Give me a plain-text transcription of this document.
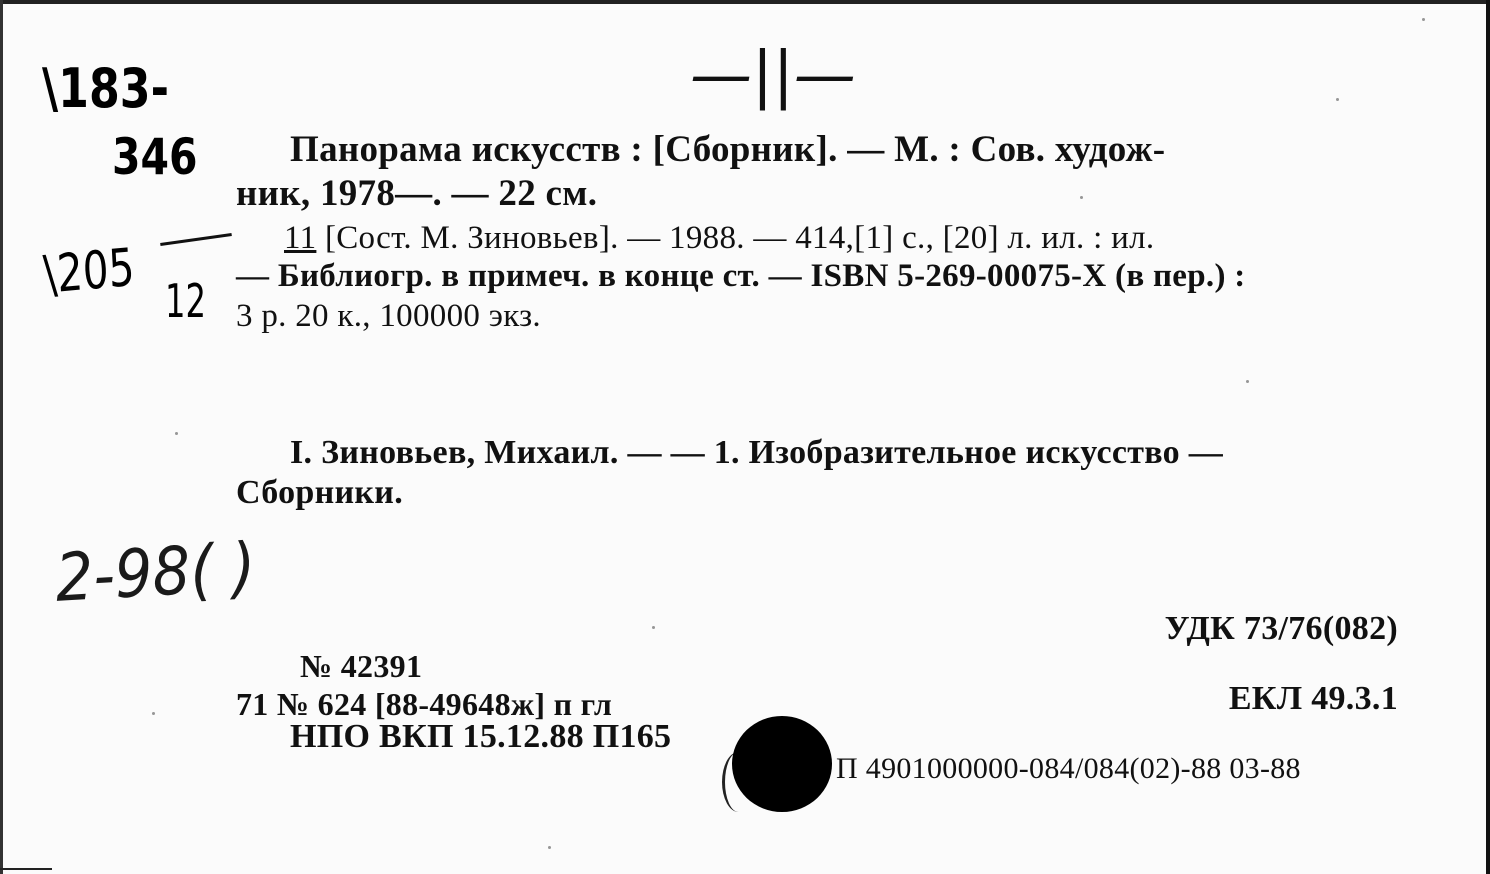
—||—
\183-
346
\205 12
2-98( )
Панорама искусств : [Сборник]. — М. : Сов. худож-
ник, 1978—. — 22 см.
11 [Сост. М. Зиновьев]. — 1988. — 414,[1] с., [20] л. ил. : ил.
— Библиогр. в примеч. в конце ст. — ISBN 5-269-00075-X (в пер.) :
3 р. 20 к., 100000 экз.
I. Зиновьев, Михаил. — — 1. Изобразительное искусство —
Сборники.
УДК 73/76(082)
ЕКЛ 49.3.1
№ 42391
71 № 624 [88-49648ж] п гл
НПО ВКП 15.12.88 П165
П 4901000000-084/084(02)-88 03-88
